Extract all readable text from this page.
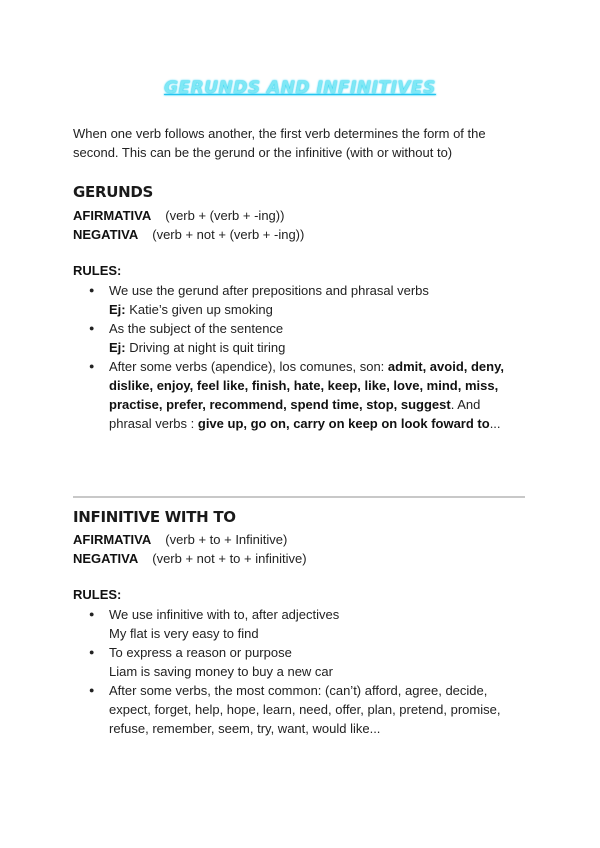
GERUNDS AND INFINITIVES
When one verb follows another, the first verb determines the form of the second. This can be the gerund or the infinitive (with or without to)
GERUNDS
AFIRMATIVA (verb + (verb + -ing))
NEGATIVA (verb + not + (verb + -ing))
RULES:
● We use the gerund after prepositions and phrasal verbs
Ej: Katie’s given up smoking
● As the subject of the sentence
Ej: Driving at night is quit tiring
● After some verbs (apendice), los comunes, son: admit, avoid, deny, dislike, enjoy, feel like, finish, hate, keep, like, love, mind, miss, practise, prefer, recommend, spend time, stop, suggest. And phrasal verbs : give up, go on, carry on keep on look foward to...
INFINITIVE WITH TO
AFIRMATIVA (verb + to + Infinitive)
NEGATIVA (verb + not + to + infinitive)
RULES:
● We use infinitive with to, after adjectives
My flat is very easy to find
● To express a reason or purpose
Liam is saving money to buy a new car
● After some verbs, the most common: (can’t) afford, agree, decide, expect, forget, help, hope, learn, need, offer, plan, pretend, promise, refuse, remember, seem, try, want, would like...
